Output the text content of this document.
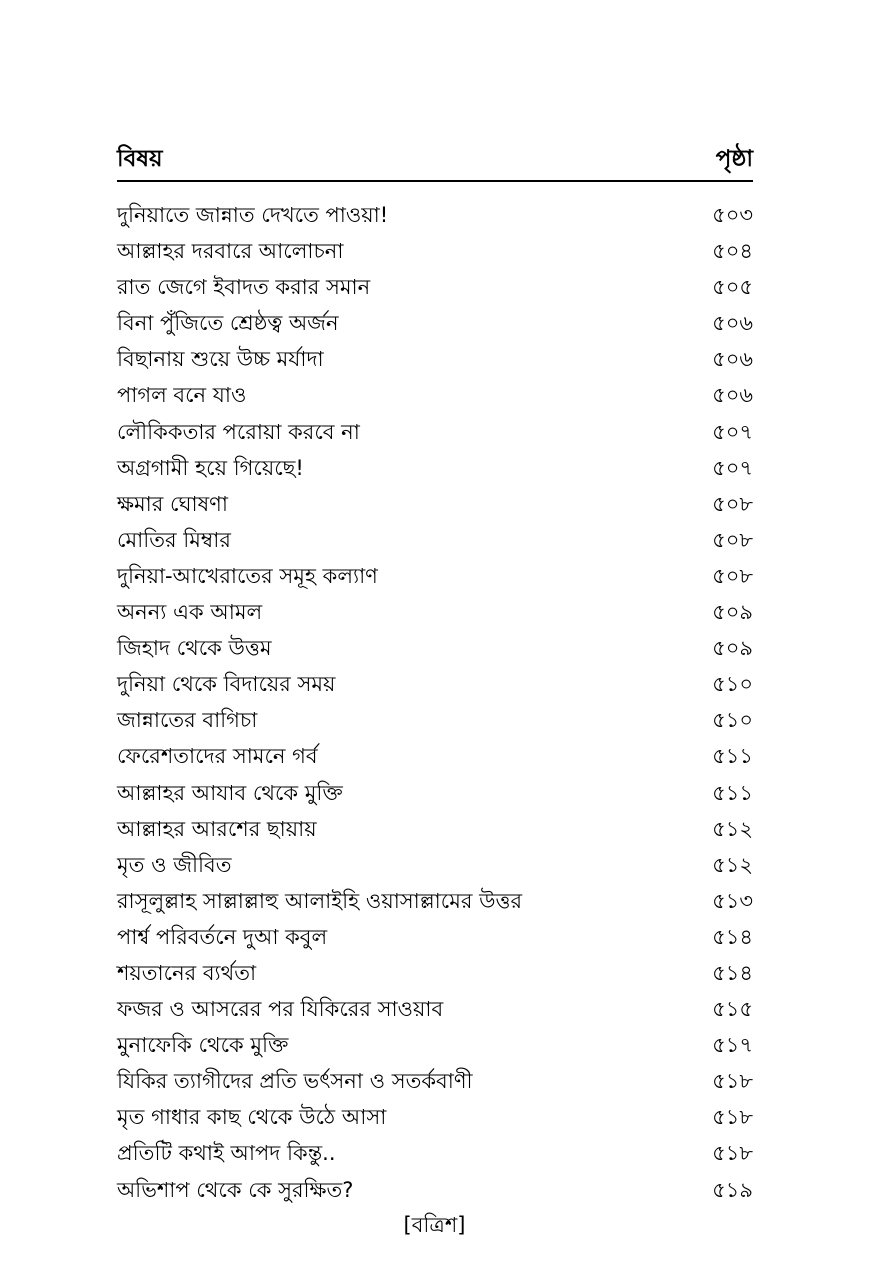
বিষয়	পৃষ্ঠা
দুনিয়াতে জান্নাত দেখতে পাওয়া!	৫০৩
আল্লাহর দরবারে আলোচনা	৫০৪
রাত জেগে ইবাদত করার সমান	৫০৫
বিনা পুঁজিতে শ্রেষ্ঠত্ব অর্জন	৫০৬
বিছানায় শুয়ে উচ্চ মর্যাদা	৫০৬
পাগল বনে যাও	৫০৬
লৌকিকতার পরোয়া করবে না	৫০৭
অগ্রগামী হয়ে গিয়েছে!	৫০৭
ক্ষমার ঘোষণা	৫০৮
মোতির মিম্বার	৫০৮
দুনিয়া-আখেরাতের সমূহ কল্যাণ	৫০৮
অনন্য এক আমল	৫০৯
জিহাদ থেকে উত্তম	৫০৯
দুনিয়া থেকে বিদায়ের সময়	৫১০
জান্নাতের বাগিচা	৫১০
ফেরেশতাদের সামনে গর্ব	৫১১
আল্লাহর আযাব থেকে মুক্তি	৫১১
আল্লাহর আরশের ছায়ায়	৫১২
মৃত ও জীবিত	৫১২
রাসূলুল্লাহ সাল্লাল্লাহু আলাইহি ওয়াসাল্লামের উত্তর	৫১৩
পার্শ্ব পরিবর্তনে দুআ কবুল	৫১৪
শয়তানের ব্যর্থতা	৫১৪
ফজর ও আসরের পর যিকিরের সাওয়াব	৫১৫
মুনাফেকি থেকে মুক্তি	৫১৭
যিকির ত্যাগীদের প্রতি ভর্ৎসনা ও সতর্কবাণী	৫১৮
মৃত গাধার কাছ থেকে উঠে আসা	৫১৮
প্রতিটি কথাই আপদ কিন্তু..	৫১৮
অভিশাপ থেকে কে সুরক্ষিত?	৫১৯
[বত্রিশ]
